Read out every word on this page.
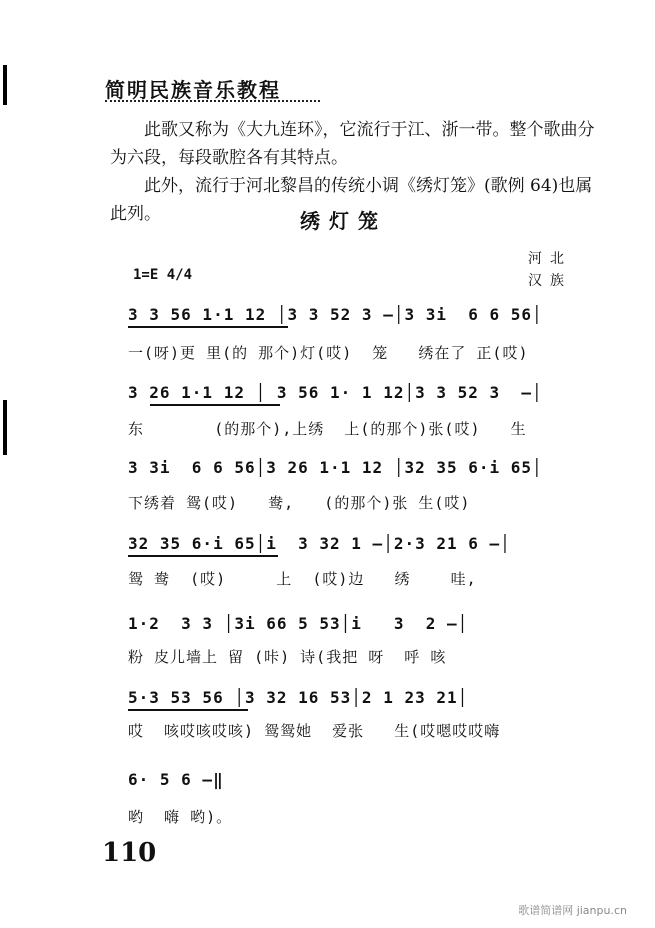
简明民族音乐教程
此歌又称为《大九连环》，它流行于江、浙一带。整个歌曲分为六段，每段歌腔各有其特点。
此外，流行于河北黎昌的传统小调《绣灯笼》(歌例 64)也属此列。	绣灯笼
河北
汉族
1=E 4/4
3 3 56 1·1 12 │3 3 52 3 —│3 3i  6 6 56│
一(呀)更 里(的 那个)灯(哎)  笼   绣在了 正(哎)
3 26 1·1 12 │ 3 56 1· 1 12│3 3 52 3  —│
东       (的那个),上绣  上(的那个)张(哎)   生
3 3i  6 6 56│3 26 1·1 12 │32 35 6·i 65│
下绣着 鸳(哎)   鸯,   (的那个)张 生(哎)
32 35 6·i 65│i  3 32 1 —│2·3 21 6 —│
鸳 鸯  (哎)     上  (哎)边   绣    哇,
1·2  3 3 │3i 66 5 53│i   3  2 —│
粉 皮儿墙上 留 (咔) 诗(我把 呀  呼 咳
5·3 53 56 │3 32 16 53│2 1 23 21│
哎  咳哎咳哎咳) 鸳鸳她  爱张   生(哎嗯哎哎嗨
6· 5 6 —‖
哟  嗨 哟)。
110
歌谱简谱网 jianpu.cn
